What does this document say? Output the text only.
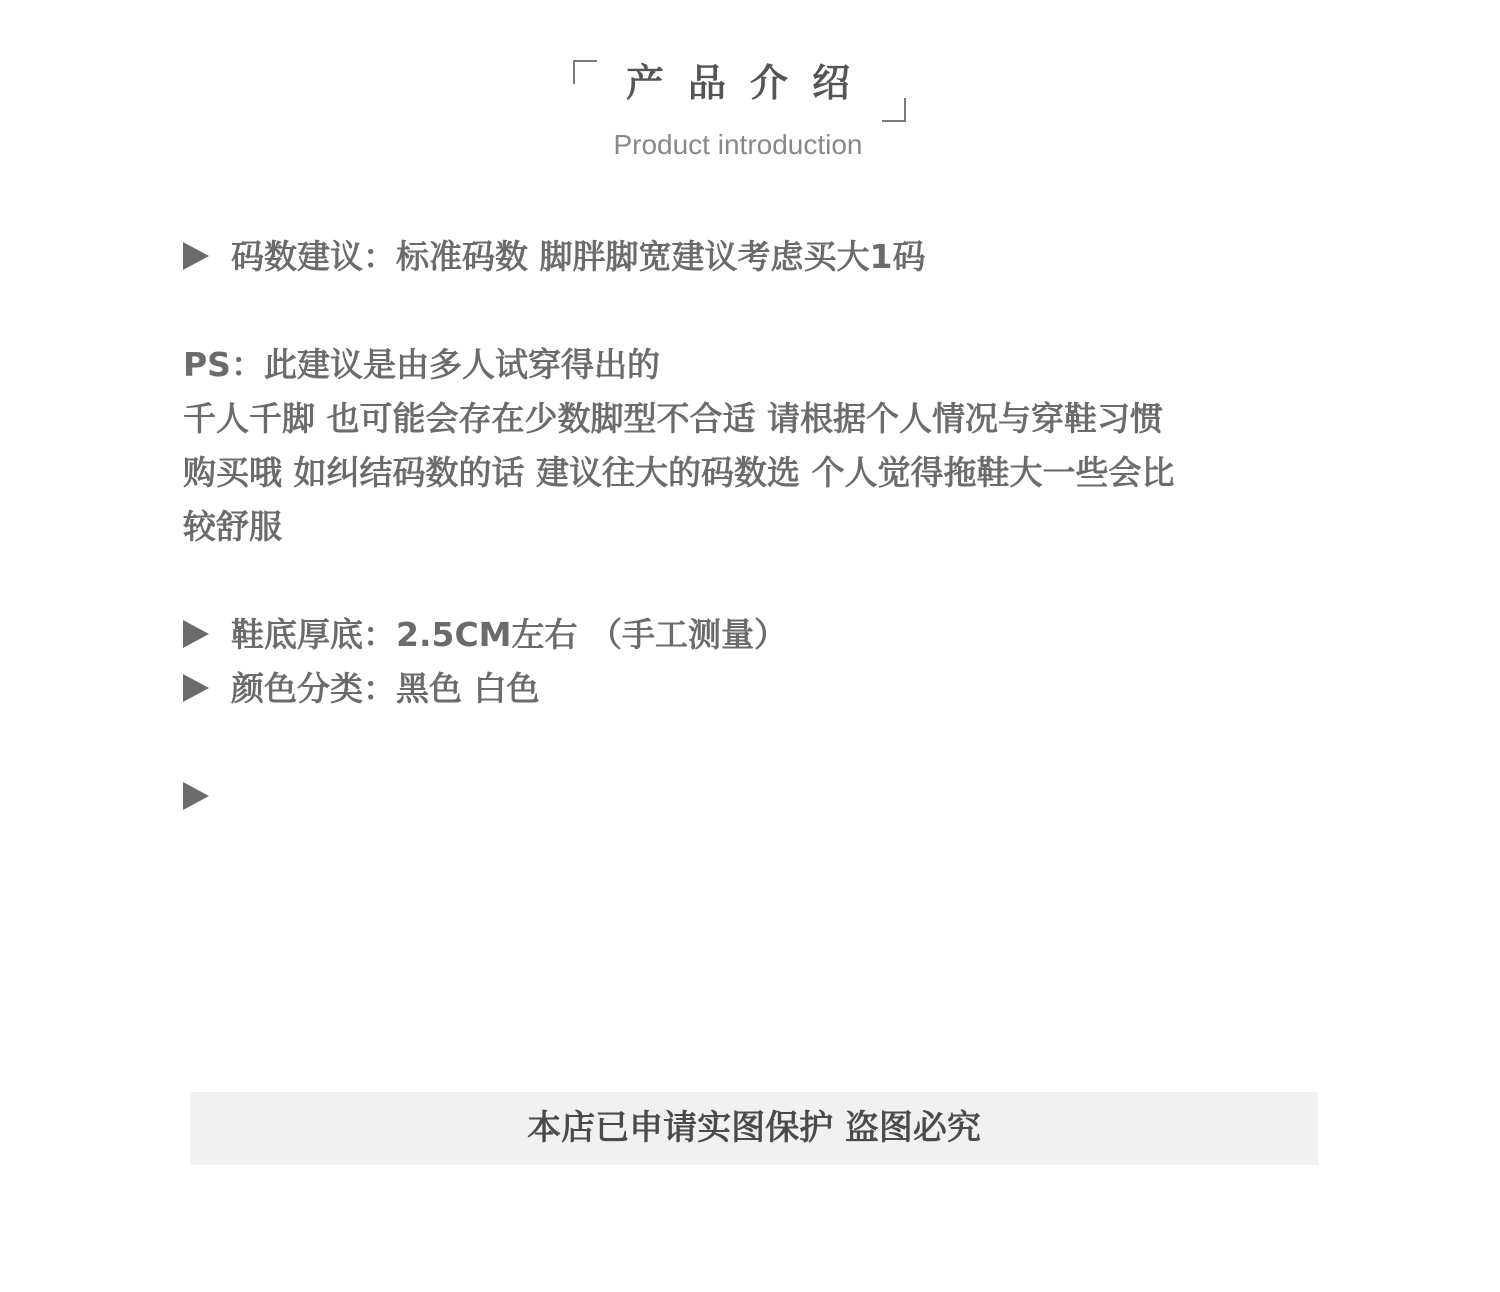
产品介绍
Product introduction
码数建议：标准码数 脚胖脚宽建议考虑买大1码
PS：此建议是由多人试穿得出的
千人千脚 也可能会存在少数脚型不合适 请根据个人情况与穿鞋习惯
购买哦 如纠结码数的话 建议往大的码数选 个人觉得拖鞋大一些会比
较舒服
鞋底厚底：2.5CM左右 （手工测量）
颜色分类：黑色 白色
本店已申请实图保护 盗图必究
